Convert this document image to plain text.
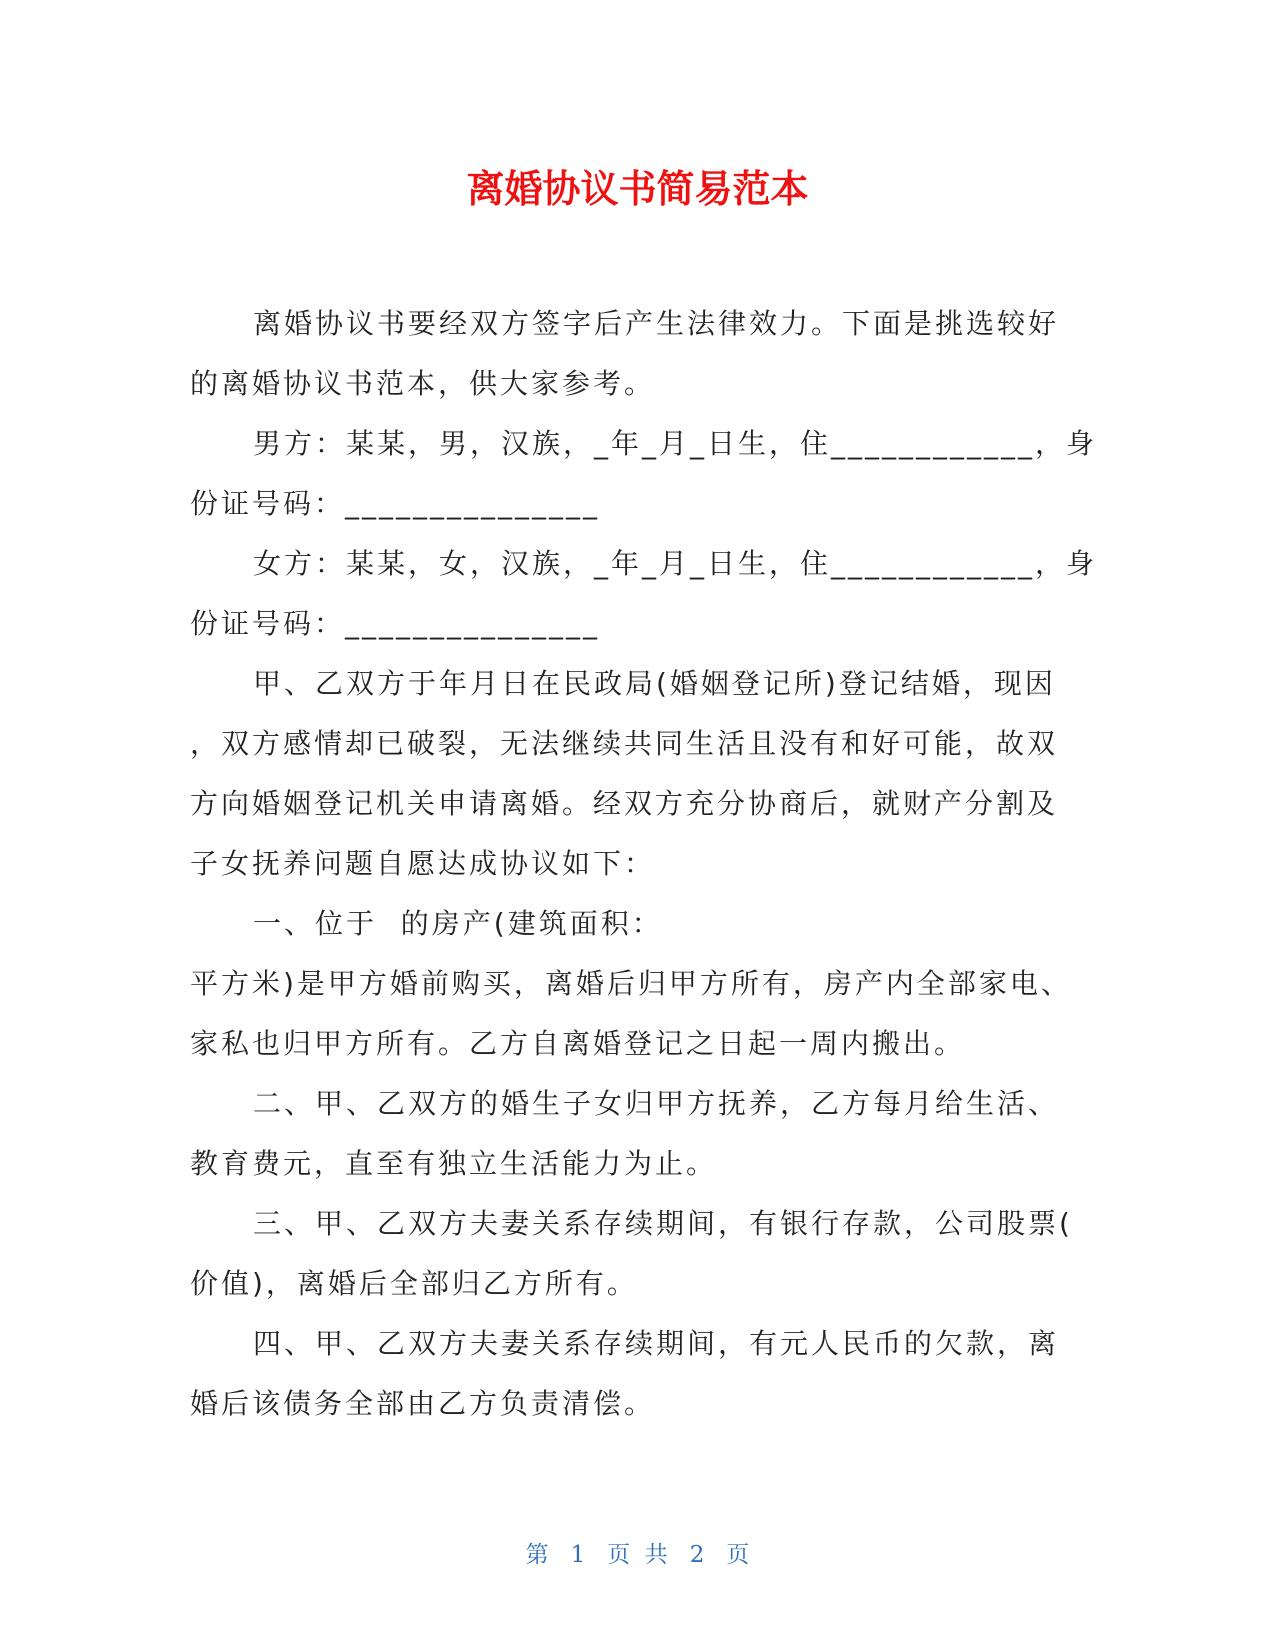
离婚协议书简易范本
离婚协议书要经双方签字后产生法律效力。下面是挑选较好
的离婚协议书范本，供大家参考。
男方：某某，男，汉族，_年_月_日生，住____________，身
份证号码：_______________
女方：某某，女，汉族，_年_月_日生，住____________，身
份证号码：_______________
甲、乙双方于年月日在民政局(婚姻登记所)登记结婚，现因
，双方感情却已破裂，无法继续共同生活且没有和好可能，故双
方向婚姻登记机关申请离婚。经双方充分协商后，就财产分割及
子女抚养问题自愿达成协议如下：
一、位于  的房产(建筑面积：
平方米)是甲方婚前购买，离婚后归甲方所有，房产内全部家电、
家私也归甲方所有。乙方自离婚登记之日起一周内搬出。
二、甲、乙双方的婚生子女归甲方抚养，乙方每月给生活、
教育费元，直至有独立生活能力为止。
三、甲、乙双方夫妻关系存续期间，有银行存款，公司股票(
价值)，离婚后全部归乙方所有。
四、甲、乙双方夫妻关系存续期间，有元人民币的欠款，离
婚后该债务全部由乙方负责清偿。
第 1 页  共 2 页
